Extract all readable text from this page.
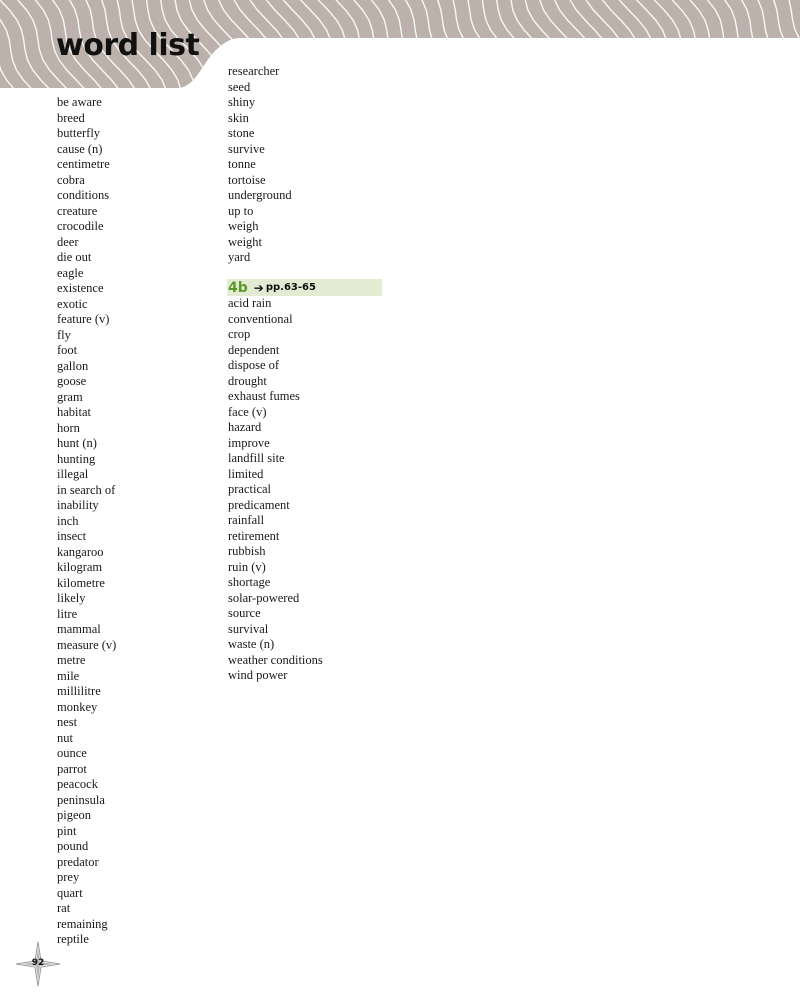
word list
be aware
breed
butterfly
cause (n)
centimetre
cobra
conditions
creature
crocodile
deer
die out
eagle
existence
exotic
feature (v)
fly
foot
gallon
goose
gram
habitat
horn
hunt (n)
hunting
illegal
in search of
inability
inch
insect
kangaroo
kilogram
kilometre
likely
litre
mammal
measure (v)
metre
mile
millilitre
monkey
nest
nut
ounce
parrot
peacock
peninsula
pigeon
pint
pound
predator
prey
quart
rat
remaining
reptile
researcher
seed
shiny
skin
stone
survive
tonne
tortoise
underground
up to
weigh
weight
yard
4b ➔ pp.63-65
acid rain
conventional
crop
dependent
dispose of
drought
exhaust fumes
face (v)
hazard
improve
landfill site
limited
practical
predicament
rainfall
retirement
rubbish
ruin (v)
shortage
solar-powered
source
survival
waste (n)
weather conditions
wind power
92
